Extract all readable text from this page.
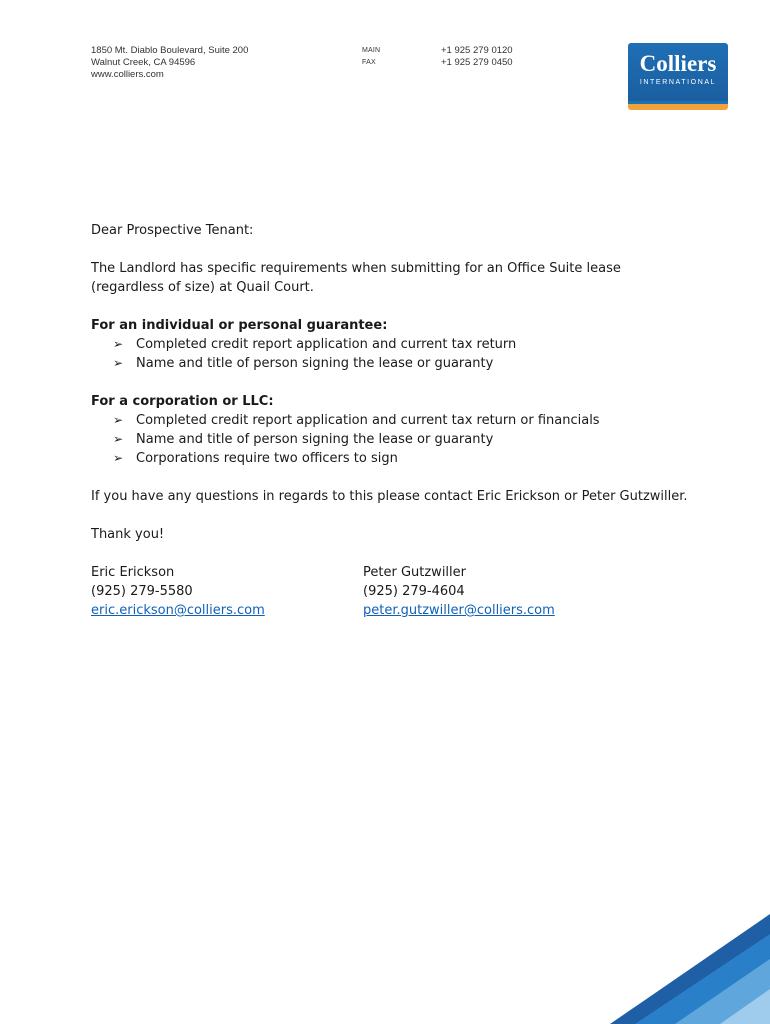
1850 Mt. Diablo Boulevard, Suite 200
Walnut Creek, CA 94596
www.colliers.com
MAIN
FAX
+1 925 279 0120
+1 925 279 0450	Colliers
INTERNATIONAL

Dear Prospective Tenant:

The Landlord has specific requirements when submitting for an Office Suite lease (regardless of size) at Quail Court.

For an individual or personal guarantee:

➢ Completed credit report application and current tax return
➢ Name and title of person signing the lease or guaranty

For a corporation or LLC:

➢ Completed credit report application and current tax return or financials
➢ Name and title of person signing the lease or guaranty
➢ Corporations require two officers to sign

If you have any questions in regards to this please contact Eric Erickson or Peter Gutzwiller.

Thank you!

Eric Erickson
(925) 279-5580
eric.erickson@colliers.com
Peter Gutzwiller
(925) 279-4604
peter.gutzwiller@colliers.com
